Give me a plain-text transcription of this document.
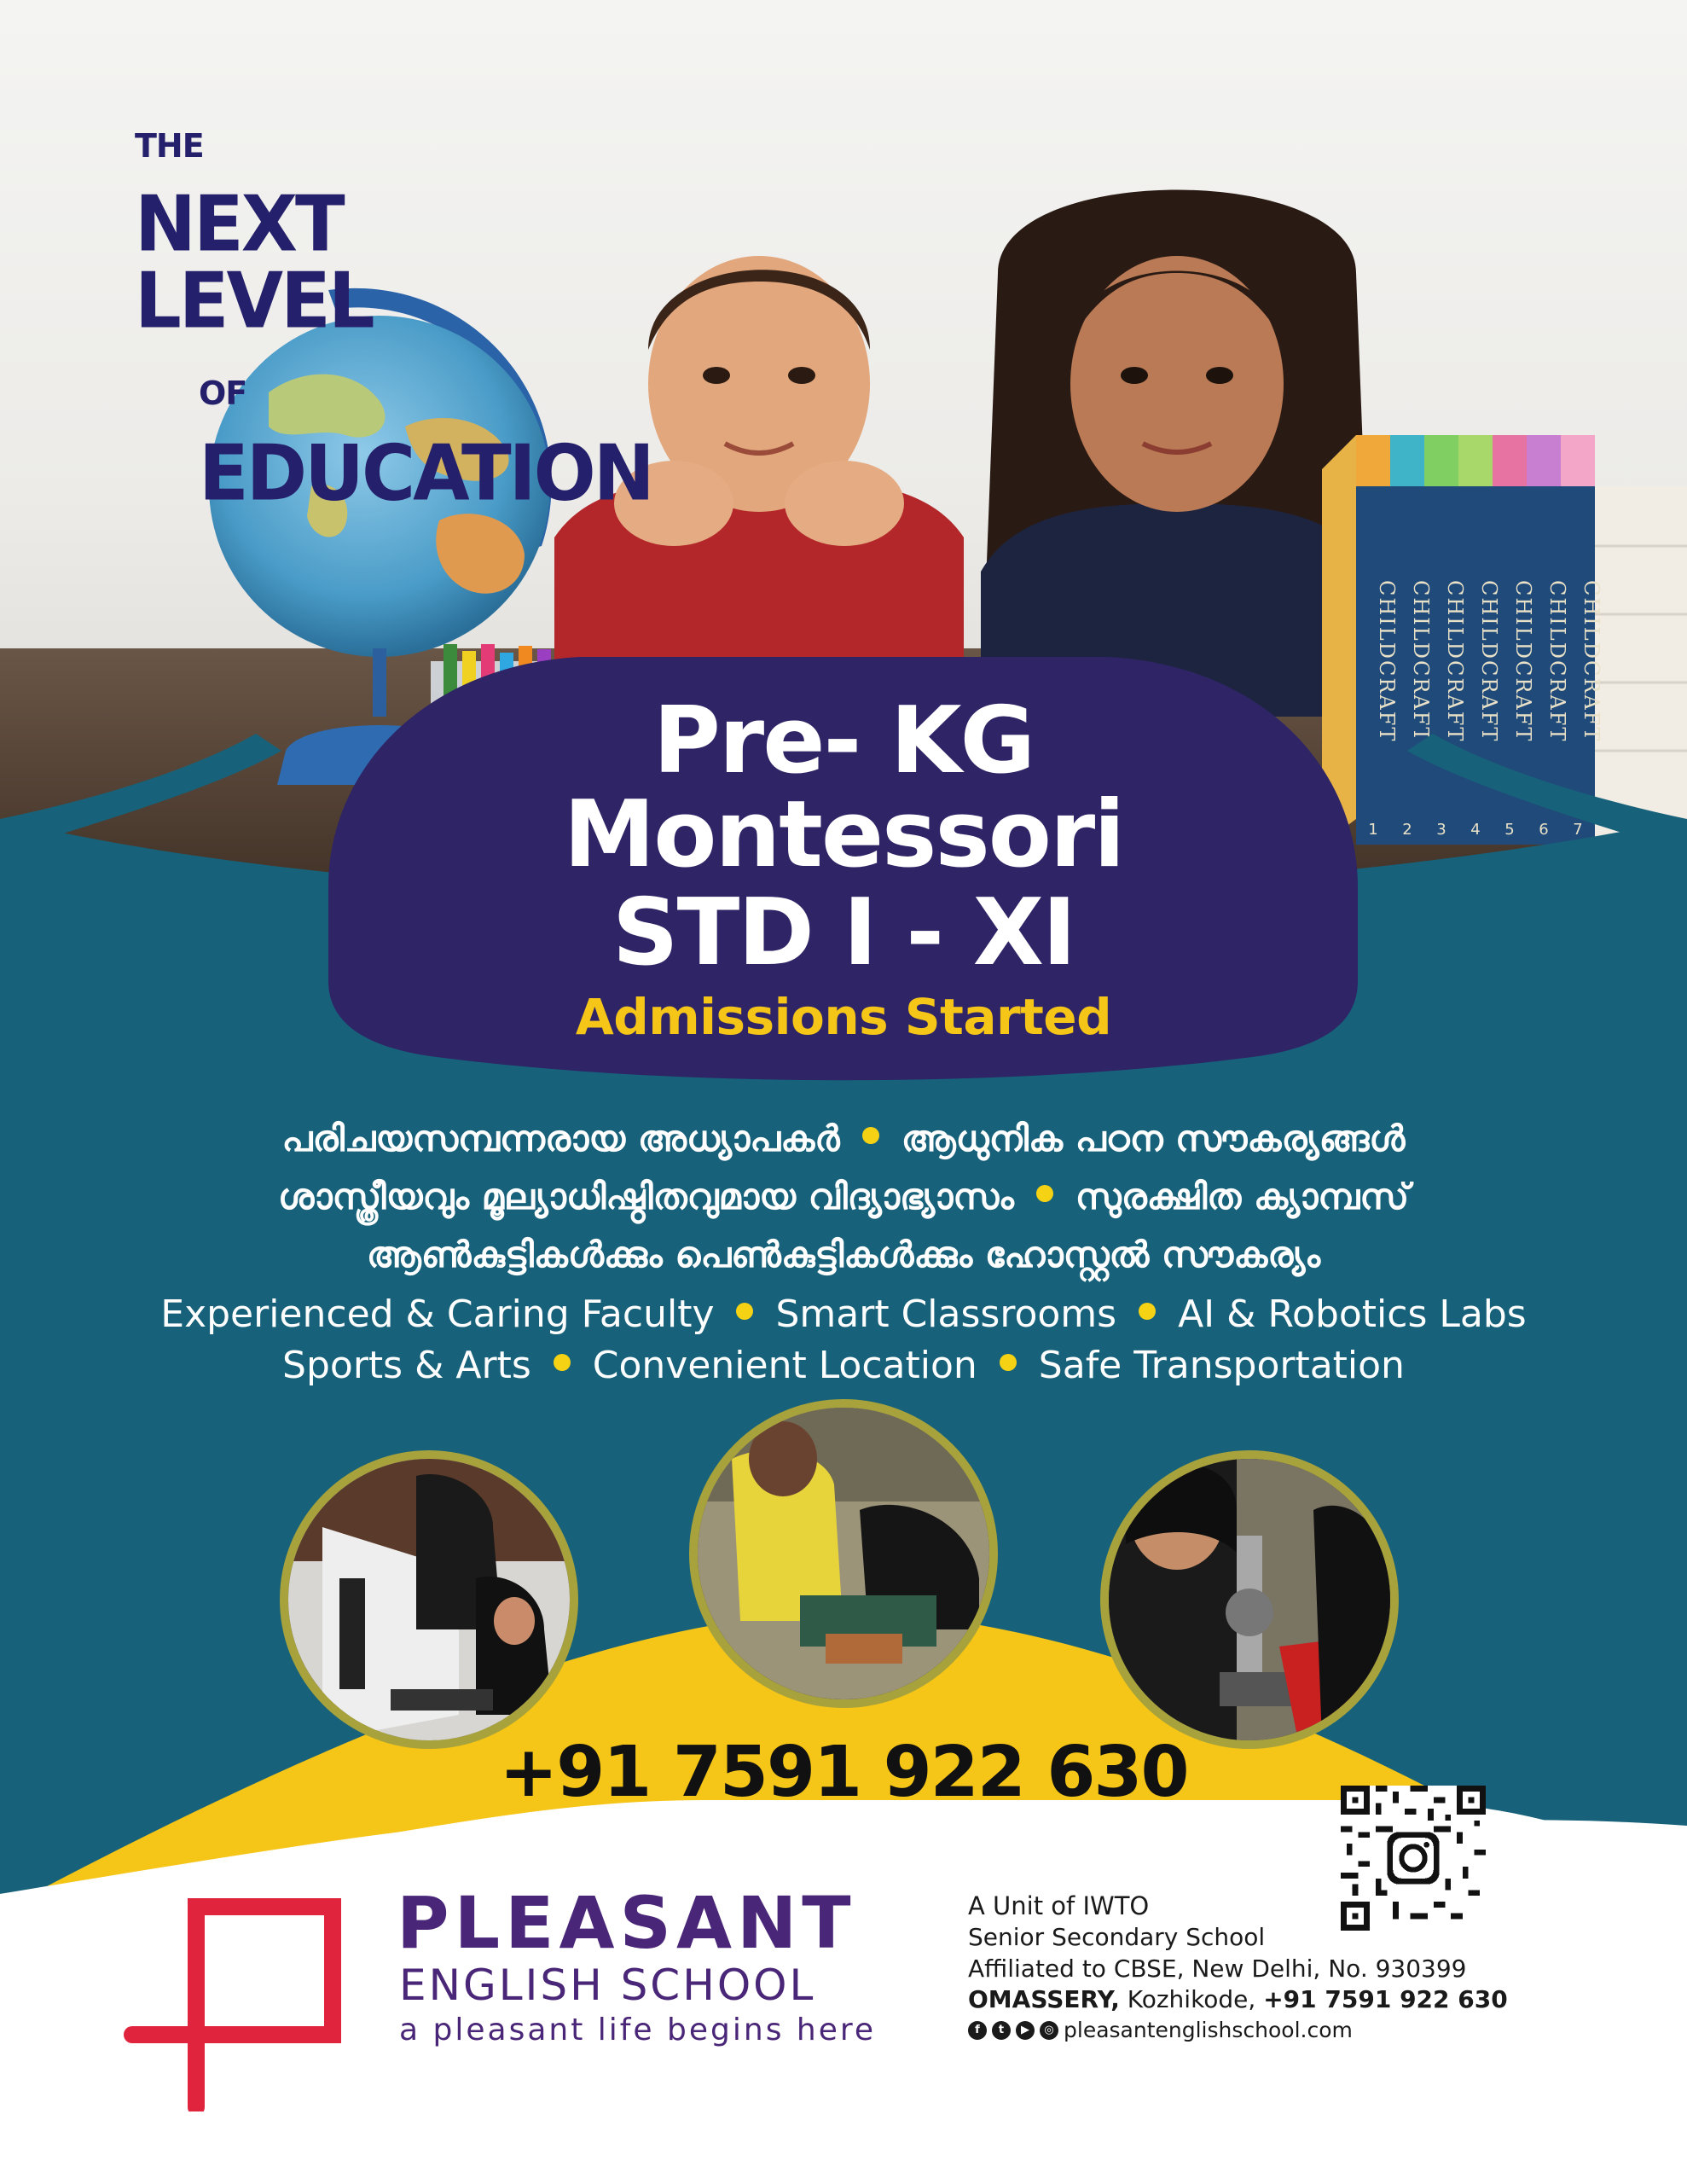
CHILDCRAFT CHILDCRAFT CHILDCRAFT CHILDCRAFT CHILDCRAFT CHILDCRAFT CHILDCRAFT
1 2 3 4 5 6 7
THENEXT LEVEL
OFEDUCATION
Pre- KG
Montessori
STD I - XI
Admissions Started
പരിചയസമ്പന്നരായ അധ്യാപകർ ആധുനിക പഠന സൗകര്യങ്ങൾ
ശാസ്ത്രീയവും മൂല്യാധിഷ്ഠിതവുമായ വിദ്യാഭ്യാസം സുരക്ഷിത ക്യാമ്പസ്
ആൺകുട്ടികൾക്കും പെൺകുട്ടികൾക്കും ഹോസ്റ്റൽ സൗകര്യം
Experienced & Caring Faculty Smart Classrooms AI & Robotics Labs
Sports & Arts Convenient Location Safe Transportation
+91 7591 922 630
PLEASANT
ENGLISH SCHOOL
a pleasant life begins here
A Unit of IWTO
Senior Secondary School
Affiliated to CBSE, New Delhi, No. 930399
OMASSERY, Kozhikode, +91 7591 922 630
f	t	▶	◎ pleasantenglishschool.com
